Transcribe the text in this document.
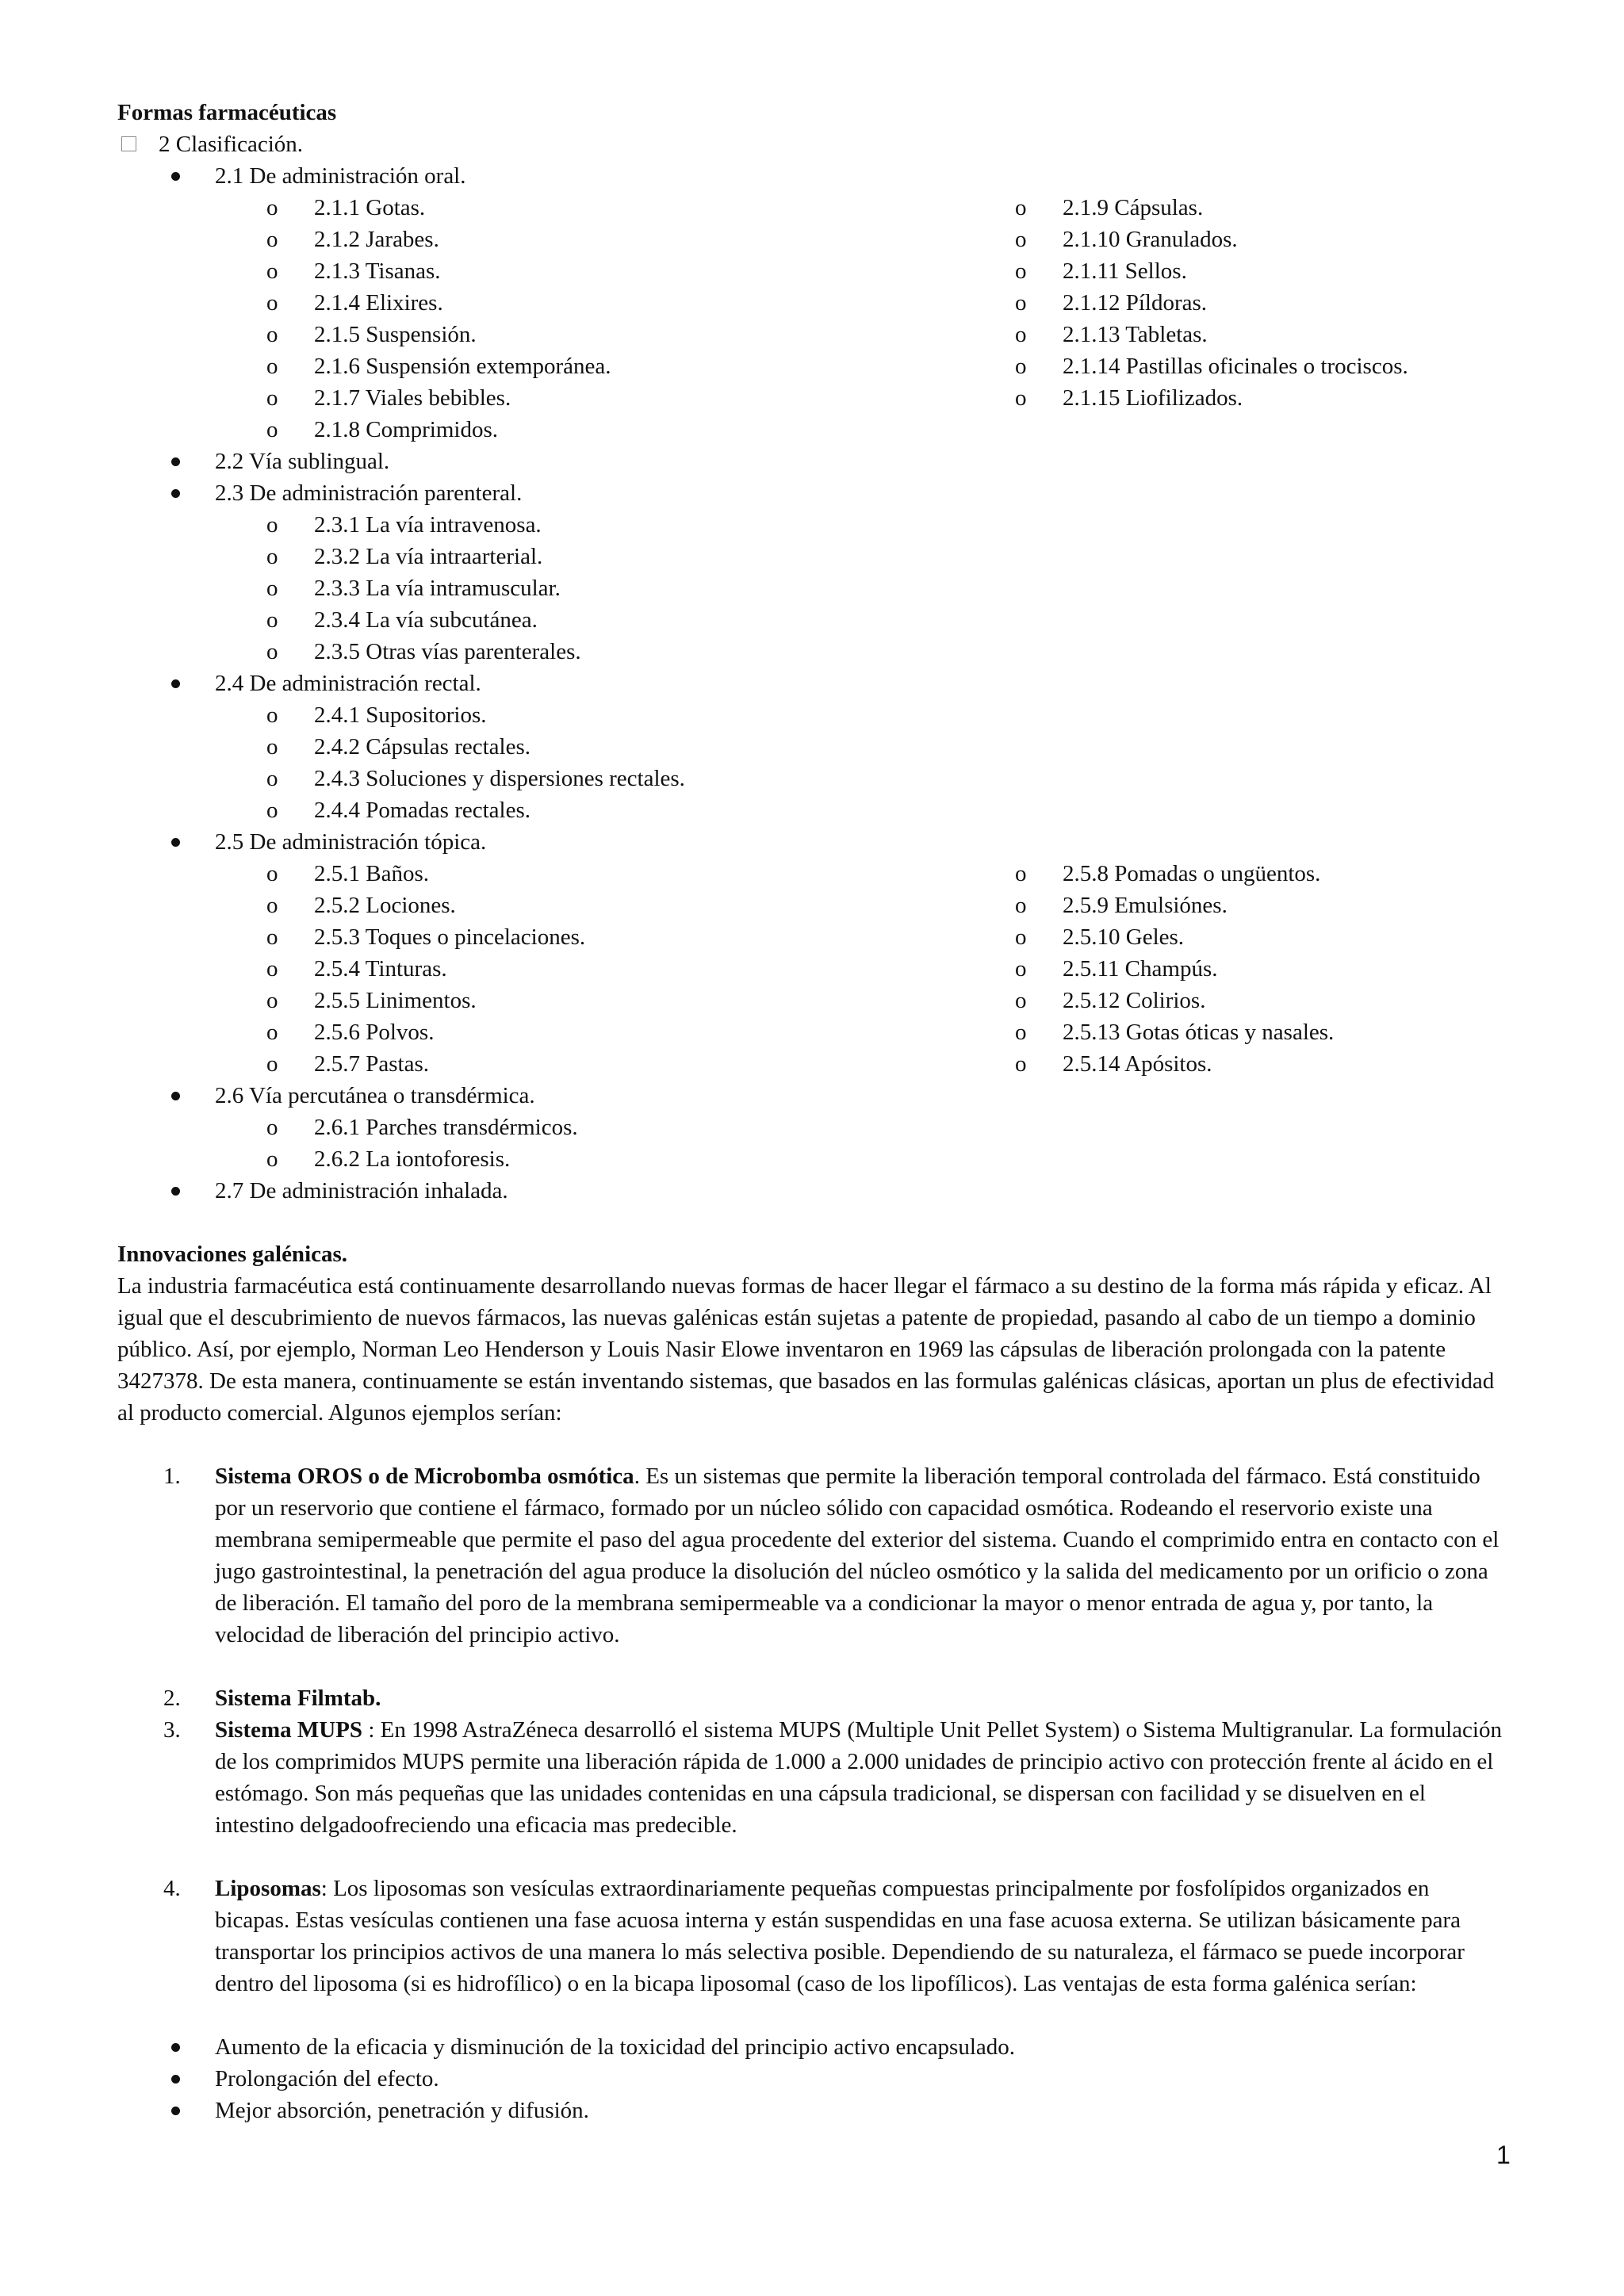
Formas farmacéuticas
2 Clasificación.
2.1 De administración oral.
o 2.1.1 Gotas.
o 2.1.2 Jarabes.
o 2.1.3 Tisanas.
o 2.1.4 Elixires.
o 2.1.5 Suspensión.
o 2.1.6 Suspensión extemporánea.
o 2.1.7 Viales bebibles.
o 2.1.8 Comprimidos.
o 2.1.9 Cápsulas.
o 2.1.10 Granulados.
o 2.1.11 Sellos.
o 2.1.12 Píldoras.
o 2.1.13 Tabletas.
o 2.1.14 Pastillas oficinales o trociscos.
o 2.1.15 Liofilizados.
2.2 Vía sublingual.
2.3 De administración parenteral.
o 2.3.1 La vía intravenosa.
o 2.3.2 La vía intraarterial.
o 2.3.3 La vía intramuscular.
o 2.3.4 La vía subcutánea.
o 2.3.5 Otras vías parenterales.
2.4 De administración rectal.
o 2.4.1 Supositorios.
o 2.4.2 Cápsulas rectales.
o 2.4.3 Soluciones y dispersiones rectales.
o 2.4.4 Pomadas rectales.
2.5 De administración tópica.
o 2.5.1 Baños.
o 2.5.2 Lociones.
o 2.5.3 Toques o pincelaciones.
o 2.5.4 Tinturas.
o 2.5.5 Linimentos.
o 2.5.6 Polvos.
o 2.5.7 Pastas.
o 2.5.8 Pomadas o ungüentos.
o 2.5.9 Emulsiónes.
o 2.5.10 Geles.
o 2.5.11 Champús.
o 2.5.12 Colirios.
o 2.5.13 Gotas óticas y nasales.
o 2.5.14 Apósitos.
2.6 Vía percutánea o transdérmica.
o 2.6.1 Parches transdérmicos.
o 2.6.2 La iontoforesis.
2.7 De administración inhalada.
Innovaciones galénicas.
La industria farmacéutica está continuamente desarrollando nuevas formas de hacer llegar el fármaco a su destino de la forma más rápida y eficaz. Al igual que el descubrimiento de nuevos fármacos, las nuevas galénicas están sujetas a patente de propiedad, pasando al cabo de un tiempo a dominio público. Así, por ejemplo, Norman Leo Henderson y Louis Nasir Elowe inventaron en 1969 las cápsulas de liberación prolongada con la patente 3427378. De esta manera, continuamente se están inventando sistemas, que basados en las formulas galénicas clásicas, aportan un plus de efectividad al producto comercial. Algunos ejemplos serían:
1. Sistema OROS o de Microbomba osmótica. Es un sistemas que permite la liberación temporal controlada del fármaco. Está constituido por un reservorio que contiene el fármaco, formado por un núcleo sólido con capacidad osmótica. Rodeando el reservorio existe una membrana semipermeable que permite el paso del agua procedente del exterior del sistema. Cuando el comprimido entra en contacto con el jugo gastrointestinal, la penetración del agua produce la disolución del núcleo osmótico y la salida del medicamento por un orificio o zona de liberación. El tamaño del poro de la membrana semipermeable va a condicionar la mayor o menor entrada de agua y, por tanto, la velocidad de liberación del principio activo.
2. Sistema Filmtab.
3. Sistema MUPS : En 1998 AstraZéneca desarrolló el sistema MUPS (Multiple Unit Pellet System) o Sistema Multigranular. La formulación de los comprimidos MUPS permite una liberación rápida de 1.000 a 2.000 unidades de principio activo con protección frente al ácido en el estómago. Son más pequeñas que las unidades contenidas en una cápsula tradicional, se dispersan con facilidad y se disuelven en el intestino delgadoofreciendo una eficacia mas predecible.
4. Liposomas: Los liposomas son vesículas extraordinariamente pequeñas compuestas principalmente por fosfolípidos organizados en bicapas. Estas vesículas contienen una fase acuosa interna y están suspendidas en una fase acuosa externa. Se utilizan básicamente para transportar los principios activos de una manera lo más selectiva posible. Dependiendo de su naturaleza, el fármaco se puede incorporar dentro del liposoma (si es hidrofílico) o en la bicapa liposomal (caso de los lipofílicos). Las ventajas de esta forma galénica serían:
Aumento de la eficacia y disminución de la toxicidad del principio activo encapsulado.
Prolongación del efecto.
Mejor absorción, penetración y difusión.
1
